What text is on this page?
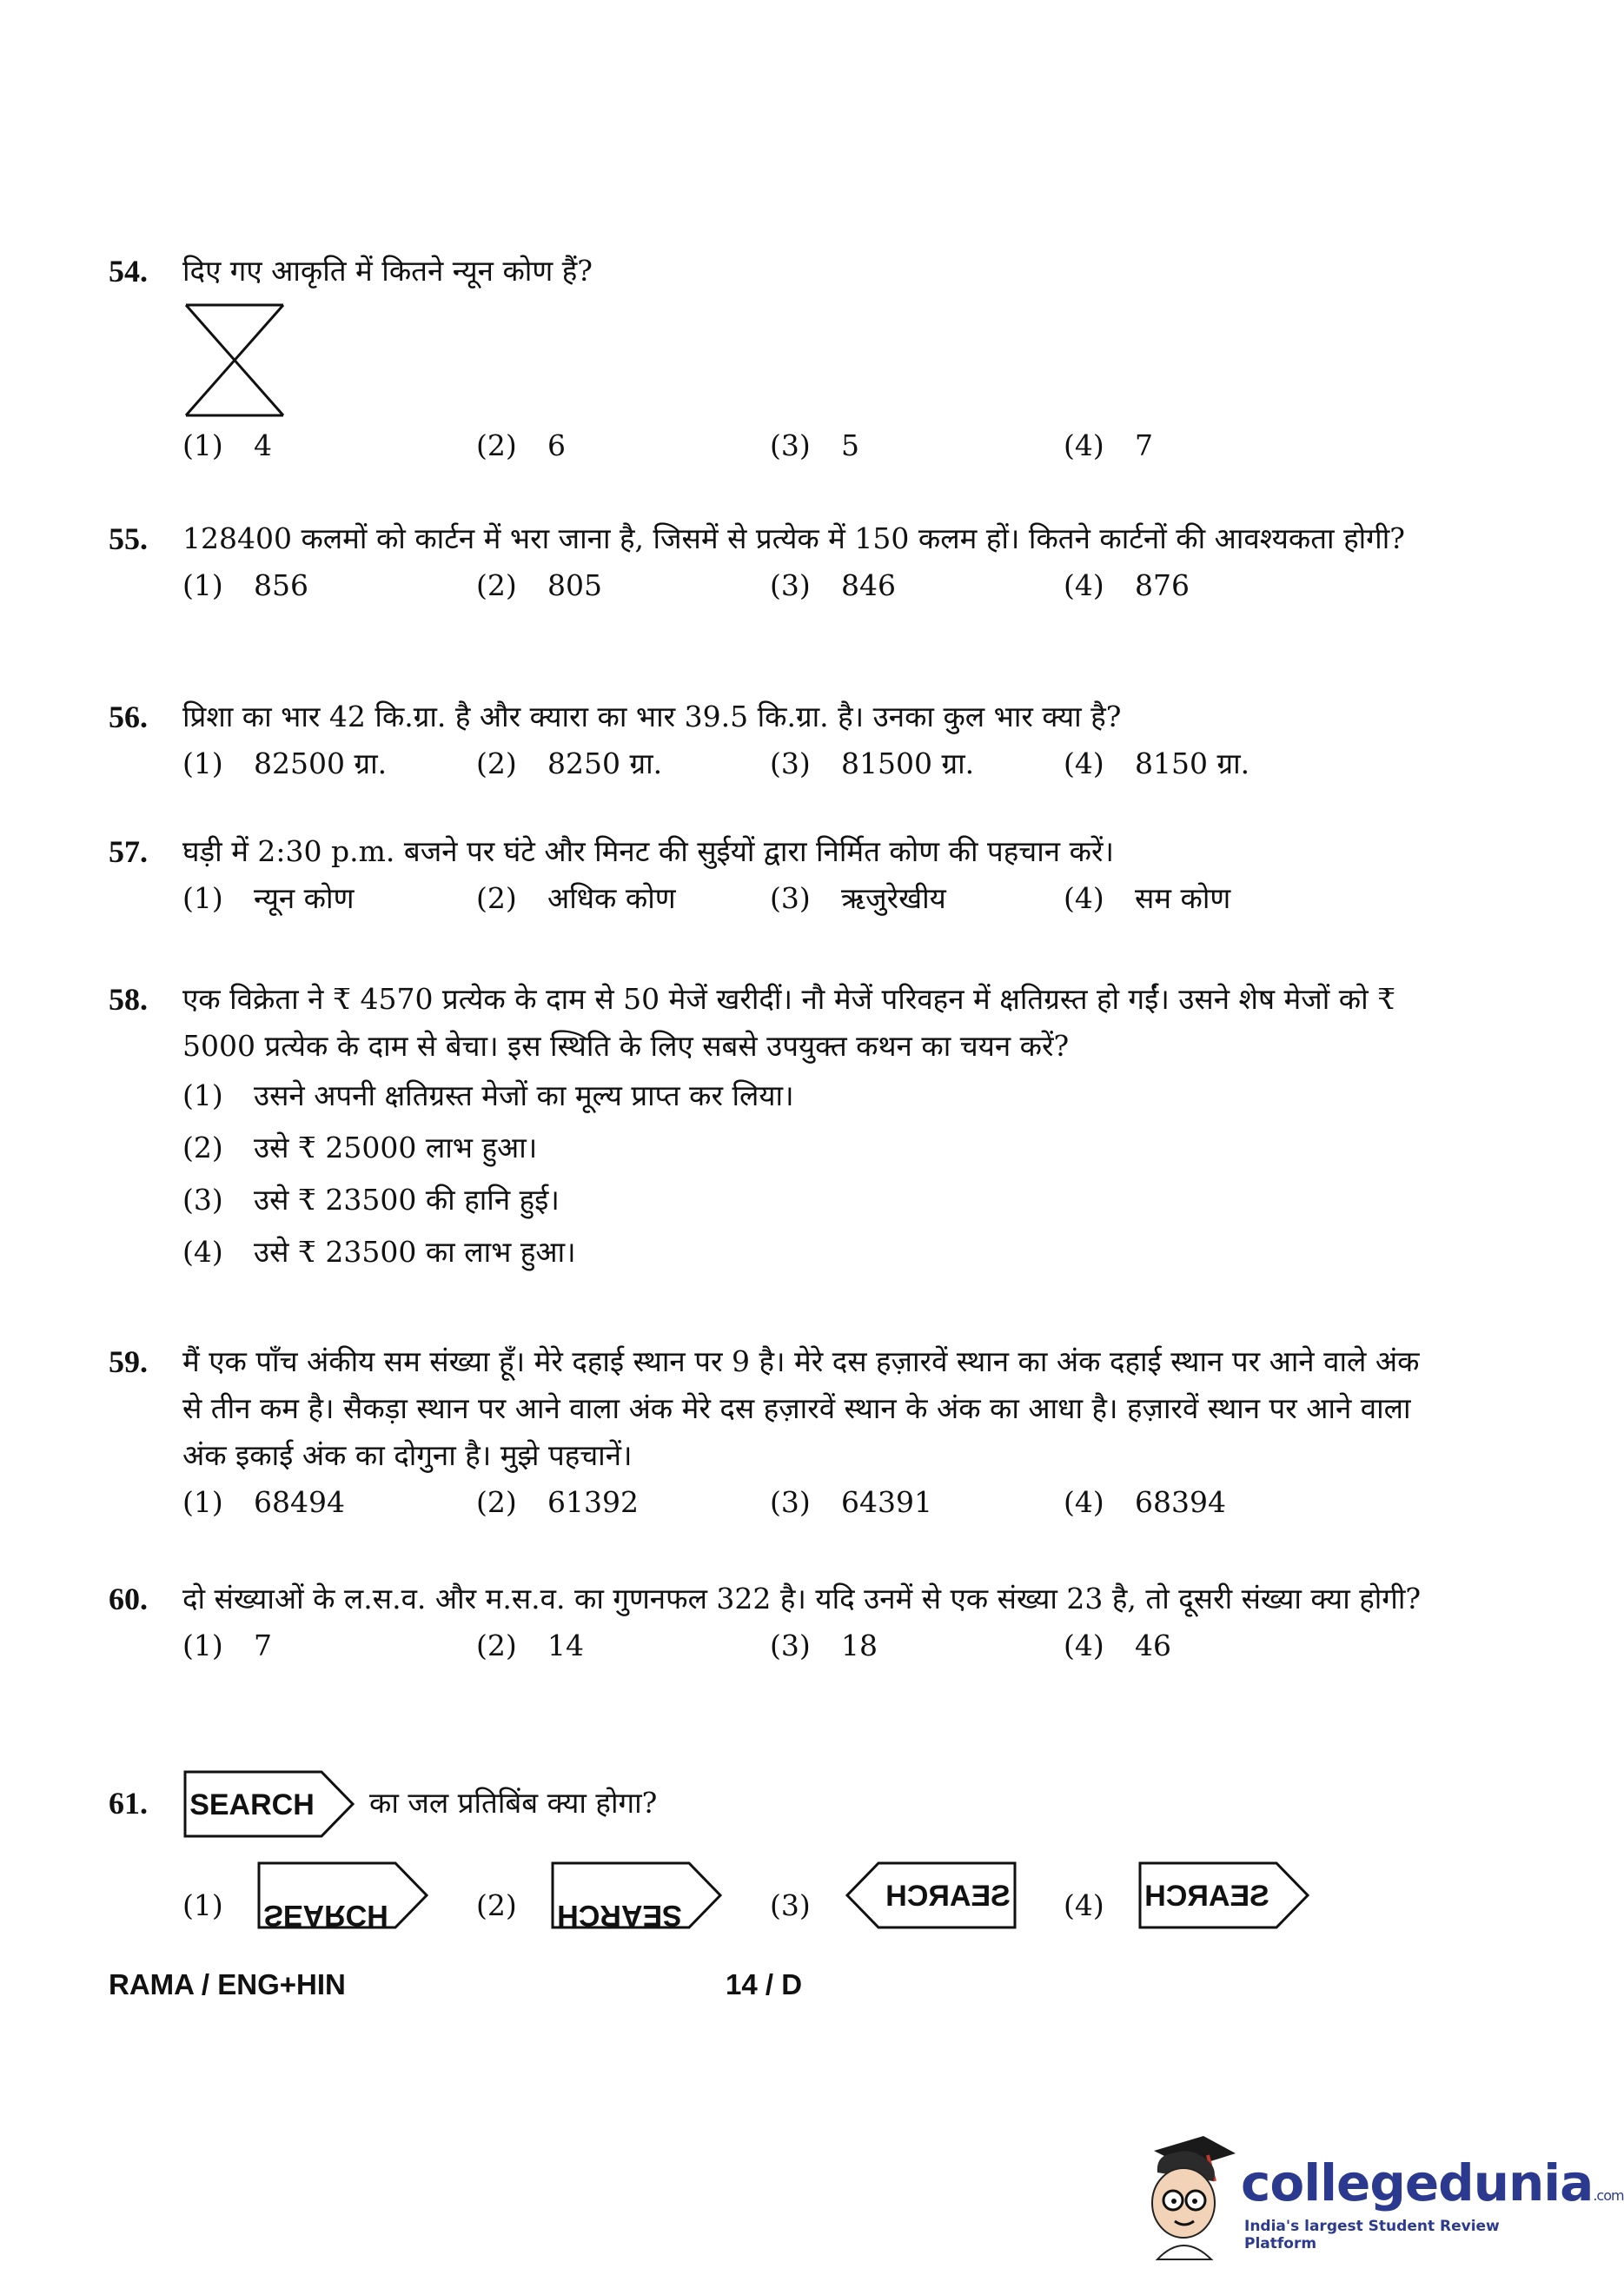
54. दिए गए आकृति में कितने न्यून कोण हैं?
(1) 4	(2) 6	(3) 5	(4) 7
55. 128400 कलमों को कार्टन में भरा जाना है, जिसमें से प्रत्येक में 150 कलम हों। कितने कार्टनों की आवश्यकता होगी?
(1) 856	(2) 805	(3) 846	(4) 876
56. प्रिशा का भार 42 कि.ग्रा. है और क्यारा का भार 39.5 कि.ग्रा. है। उनका कुल भार क्या है?
(1) 82500 ग्रा.	(2) 8250 ग्रा.	(3) 81500 ग्रा.	(4) 8150 ग्रा.
57. घड़ी में 2:30 p.m. बजने पर घंटे और मिनट की सुईयों द्वारा निर्मित कोण की पहचान करें।
(1) न्यून कोण	(2) अधिक कोण	(3) ऋजुरेखीय	(4) सम कोण
58. एक विक्रेता ने ₹ 4570 प्रत्येक के दाम से 50 मेजें खरीदीं। नौ मेजें परिवहन में क्षतिग्रस्त हो गईं। उसने शेष मेजों को ₹ 5000 प्रत्येक के दाम से बेचा। इस स्थिति के लिए सबसे उपयुक्त कथन का चयन करें?
(1) उसने अपनी क्षतिग्रस्त मेजों का मूल्य प्राप्त कर लिया।
(2) उसे ₹ 25000 लाभ हुआ।
(3) उसे ₹ 23500 की हानि हुई।
(4) उसे ₹ 23500 का लाभ हुआ।
59. मैं एक पाँच अंकीय सम संख्या हूँ। मेरे दहाई स्थान पर 9 है। मेरे दस हज़ारवें स्थान का अंक दहाई स्थान पर आने वाले अंक से तीन कम है। सैकड़ा स्थान पर आने वाला अंक मेरे दस हज़ारवें स्थान के अंक का आधा है। हज़ारवें स्थान पर आने वाला अंक इकाई अंक का दोगुना है। मुझे पहचानें।
(1) 68494	(2) 61392	(3) 64391	(4) 68394
60. दो संख्याओं के ल.स.व. और म.स.व. का गुणनफल 322 है। यदि उनमें से एक संख्या 23 है, तो दूसरी संख्या क्या होगी?
(1) 7	(2) 14	(3) 18	(4) 46
61. SEARCH का जल प्रतिबिंब क्या होगा?
(1) SEARCH	(2) SEARCH	(3)	SEARCH (4) SEARCH
RAMA / ENG+HIN	14 / D
collegedunia.com
India's largest Student Review Platform
